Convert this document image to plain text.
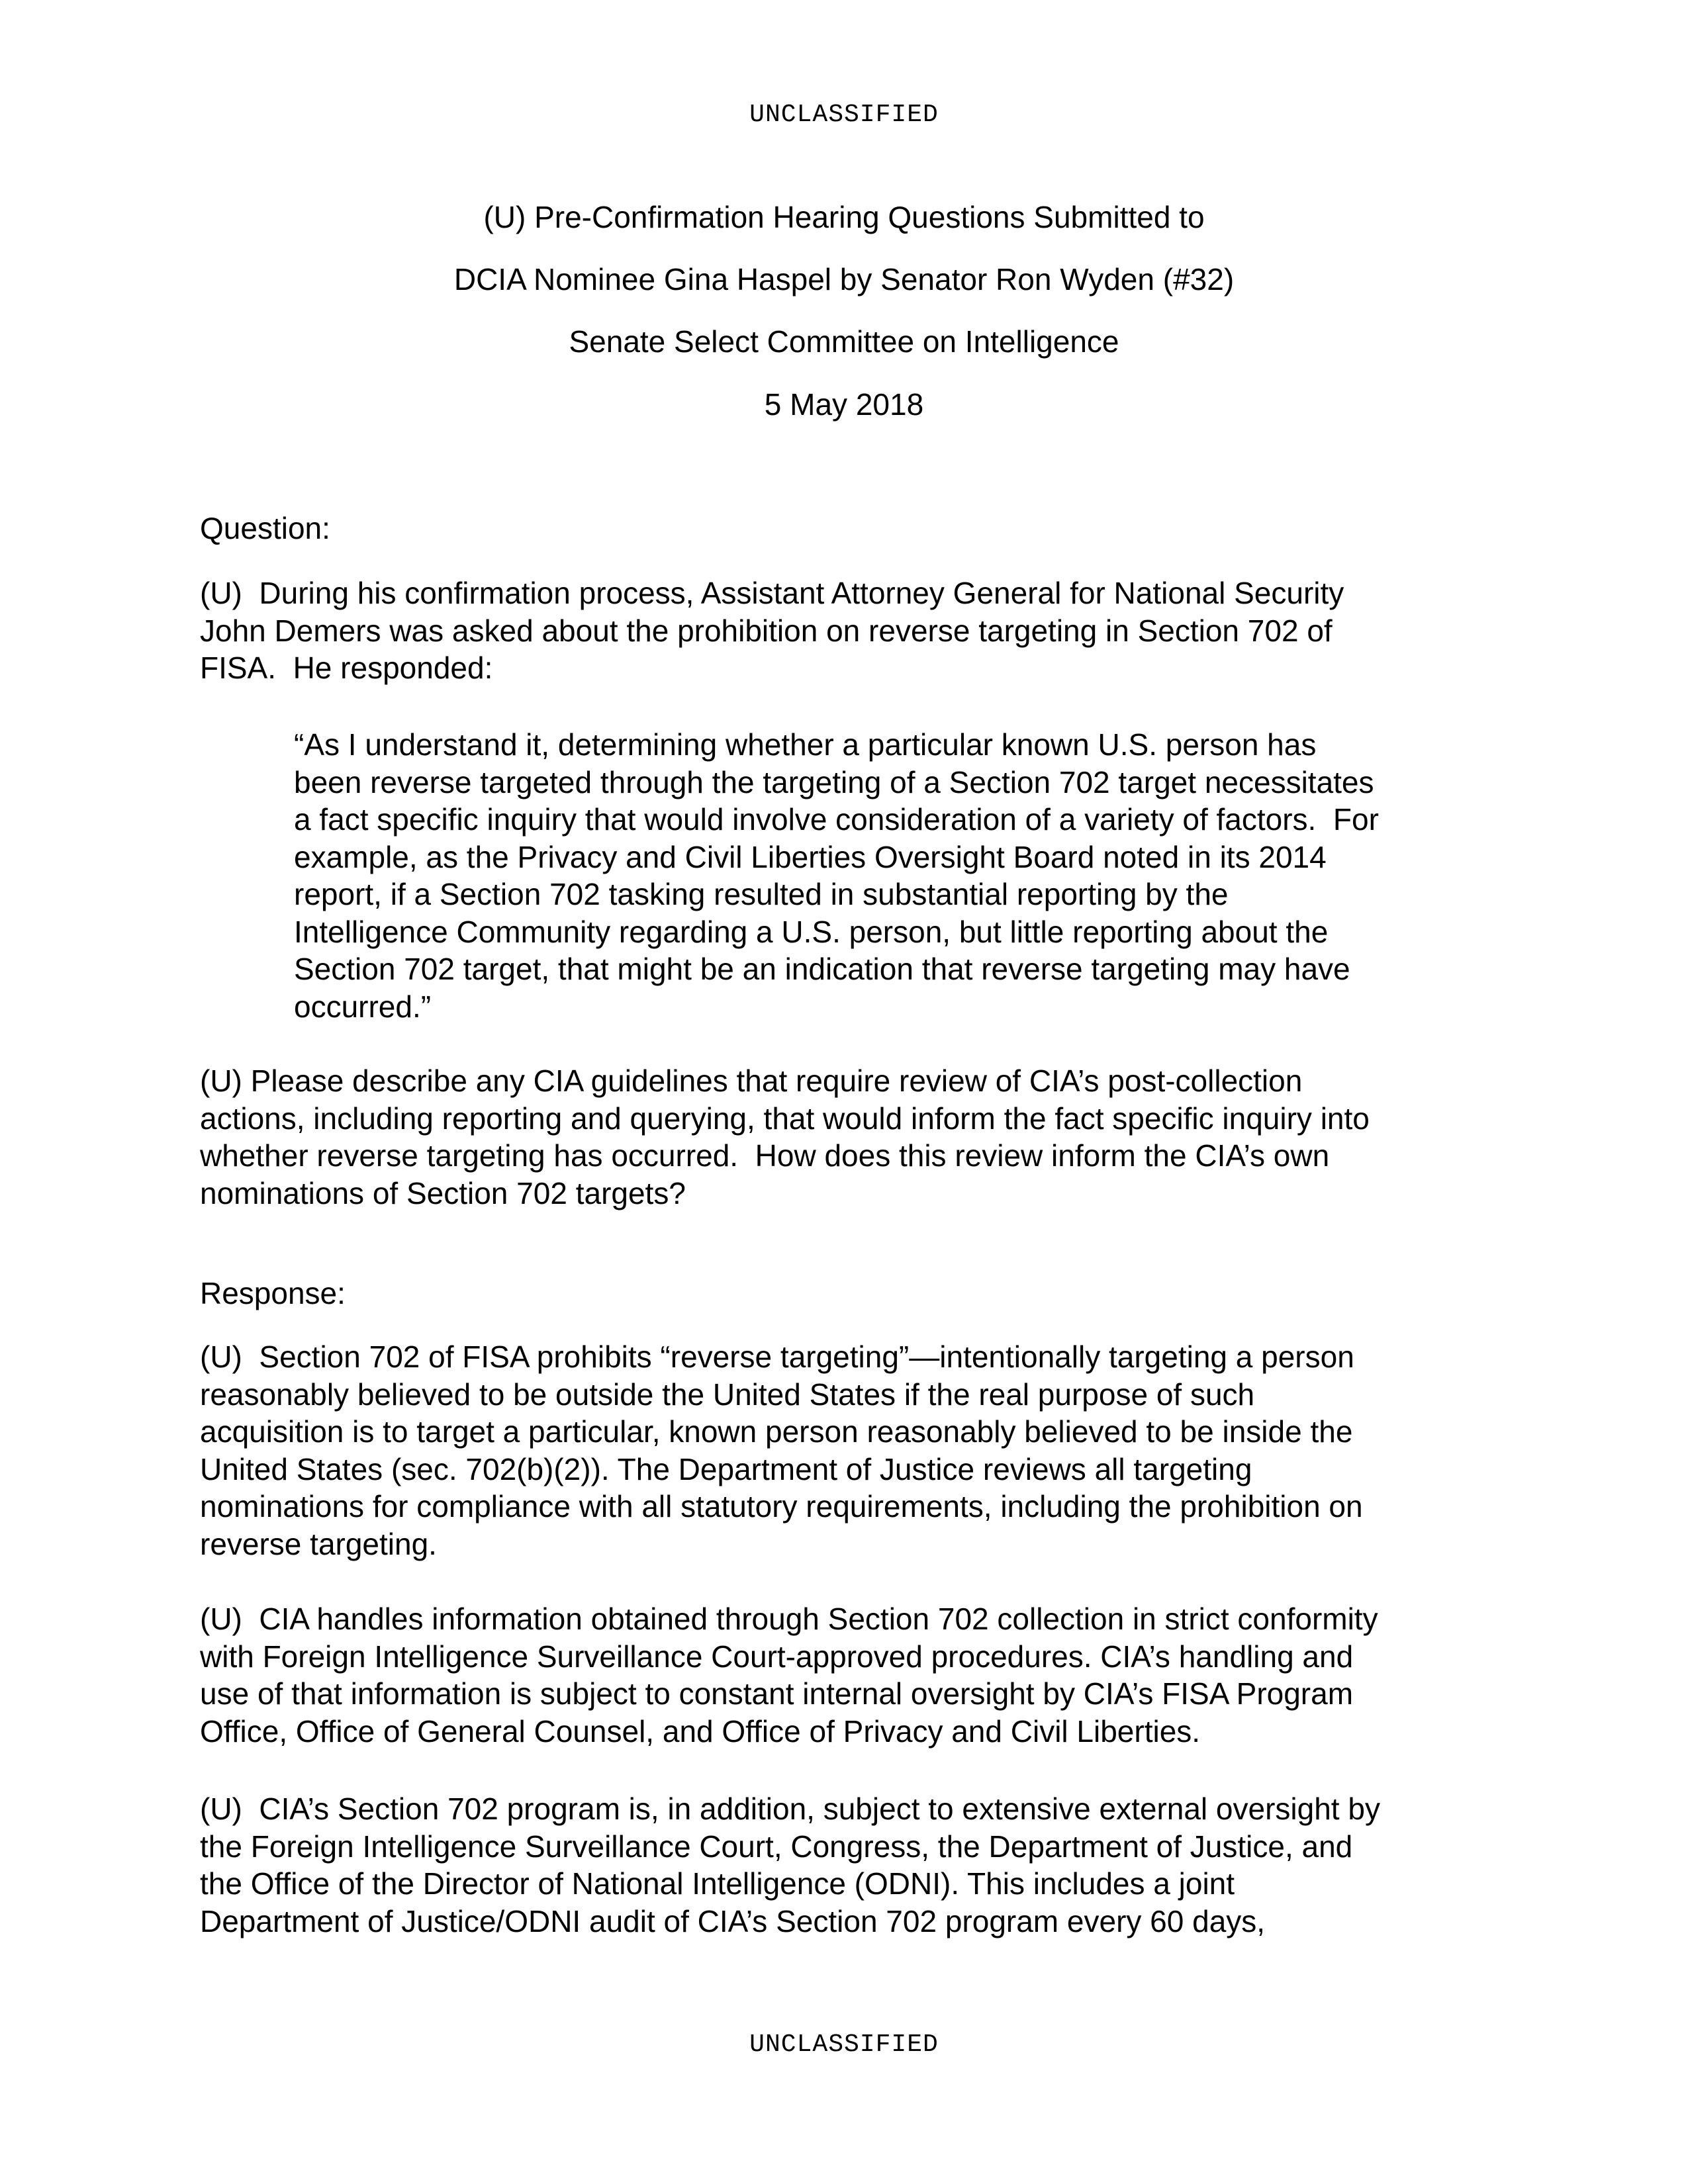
UNCLASSIFIED
(U) Pre-Confirmation Hearing Questions Submitted to
DCIA Nominee Gina Haspel by Senator Ron Wyden (#32)
Senate Select Committee on Intelligence
5 May 2018
Question:
(U)  During his confirmation process, Assistant Attorney General for National Security
John Demers was asked about the prohibition on reverse targeting in Section 702 of
FISA.  He responded:
“As I understand it, determining whether a particular known U.S. person has
been reverse targeted through the targeting of a Section 702 target necessitates
a fact specific inquiry that would involve consideration of a variety of factors.  For
example, as the Privacy and Civil Liberties Oversight Board noted in its 2014
report, if a Section 702 tasking resulted in substantial reporting by the
Intelligence Community regarding a U.S. person, but little reporting about the
Section 702 target, that might be an indication that reverse targeting may have
occurred.”
(U) Please describe any CIA guidelines that require review of CIA’s post-collection
actions, including reporting and querying, that would inform the fact specific inquiry into
whether reverse targeting has occurred.  How does this review inform the CIA’s own
nominations of Section 702 targets?
Response:
(U)  Section 702 of FISA prohibits “reverse targeting”—intentionally targeting a person
reasonably believed to be outside the United States if the real purpose of such
acquisition is to target a particular, known person reasonably believed to be inside the
United States (sec. 702(b)(2)). The Department of Justice reviews all targeting
nominations for compliance with all statutory requirements, including the prohibition on
reverse targeting.
(U)  CIA handles information obtained through Section 702 collection in strict conformity
with Foreign Intelligence Surveillance Court-approved procedures. CIA’s handling and
use of that information is subject to constant internal oversight by CIA’s FISA Program
Office, Office of General Counsel, and Office of Privacy and Civil Liberties.
(U)  CIA’s Section 702 program is, in addition, subject to extensive external oversight by
the Foreign Intelligence Surveillance Court, Congress, the Department of Justice, and
the Office of the Director of National Intelligence (ODNI). This includes a joint
Department of Justice/ODNI audit of CIA’s Section 702 program every 60 days,
UNCLASSIFIED
